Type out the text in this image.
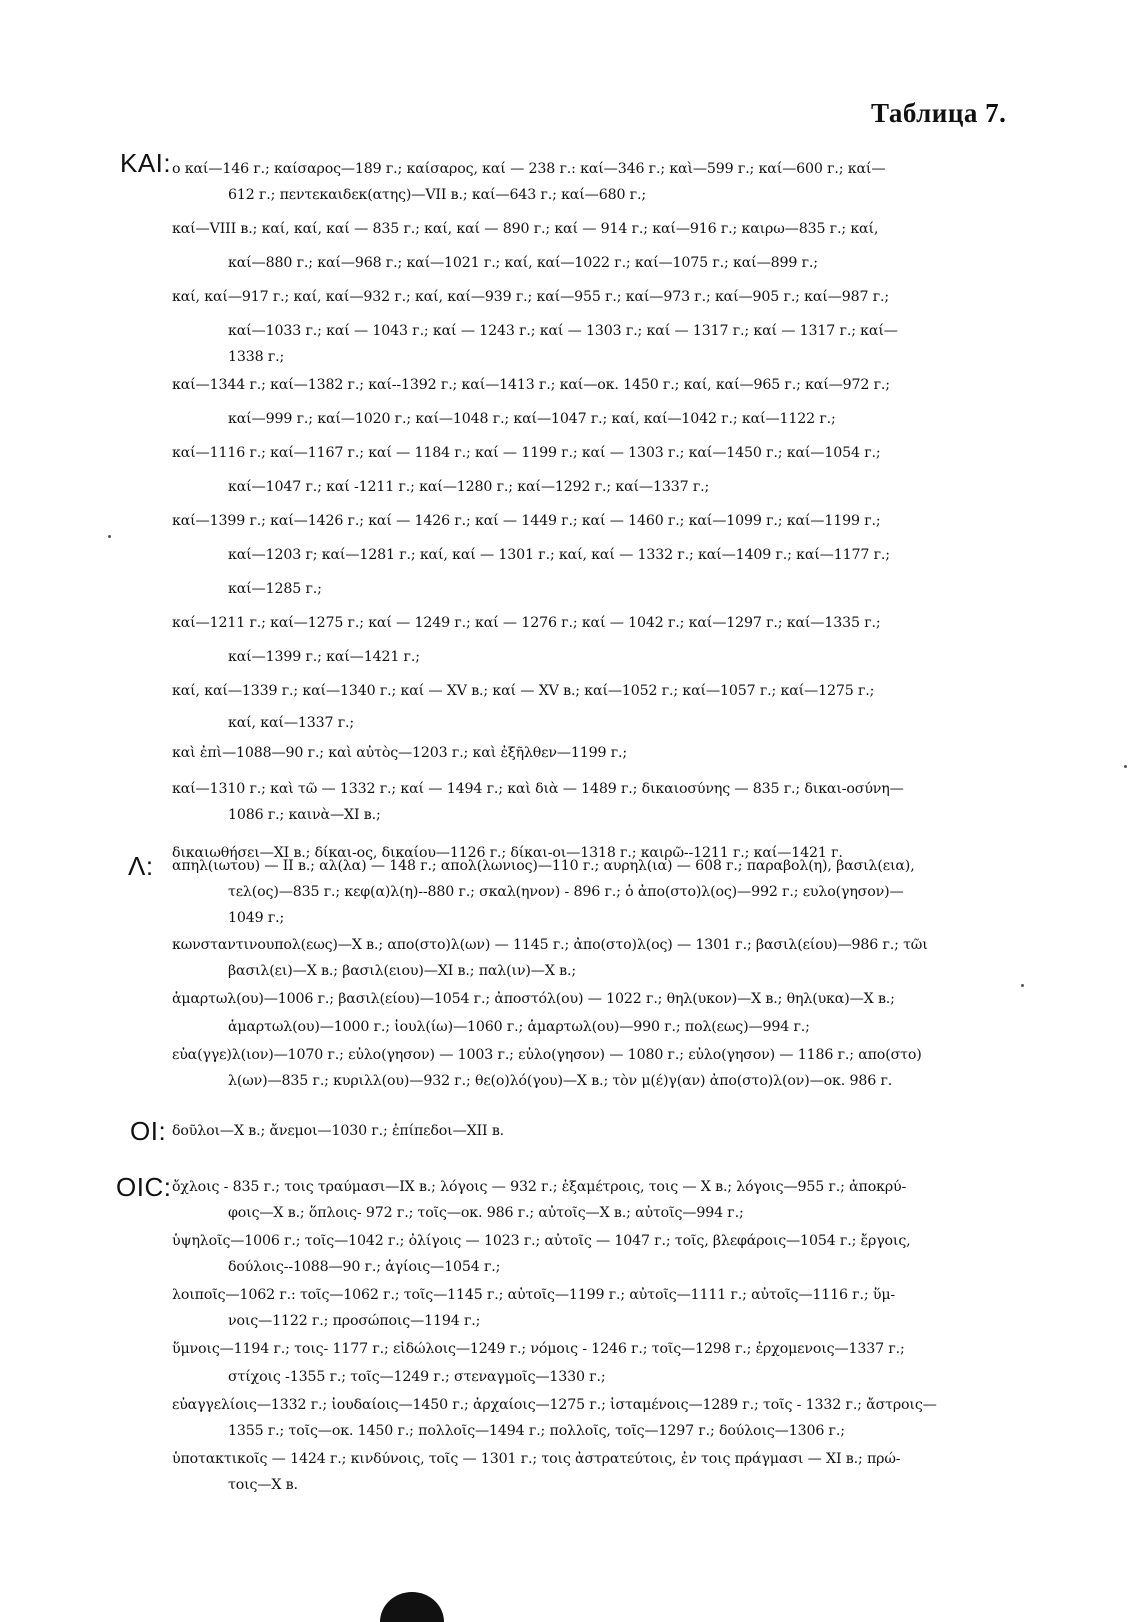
Таблица 7.
KAI: ο καί—146 г.; καίσαρος—189 г.; καίσαρος, καί — 238 г.: καί—346 г.; καὶ—599 г.; καί—600 г.; καί—
612 г.; πεντεκαιδεκ(ατης)—VII в.; καί—643 г.; καί—680 г.;
καί—VIII в.; καί, καί, καί — 835 г.; καί, καί — 890 г.; καί — 914 г.; καί—916 г.; καιρω—835 г.; καί,
καί—880 г.; καί—968 г.; καί—1021 г.; καί, καί—1022 г.; καί—1075 г.; καί—899 г.;
καί, καί—917 г.; καί, καί—932 г.; καί, καί—939 г.; καί—955 г.; καί—973 г.; καί—905 г.; καί—987 г.;
καί—1033 г.; καί — 1043 г.; καί — 1243 г.; καί — 1303 г.; καί — 1317 г.; καί — 1317 г.; καί—
1338 г.;
καί—1344 г.; καί—1382 г.; καί--1392 г.; καί—1413 г.; καί—ок. 1450 г.; καί, καί—965 г.; καί—972 г.;
καί—999 г.; καί—1020 г.; καί—1048 г.; καί—1047 г.; καί, καί—1042 г.; καί—1122 г.;
καί—1116 г.; καί—1167 г.; καί — 1184 г.; καί — 1199 г.; καί — 1303 г.; καί—1450 г.; καί—1054 г.;
καί—1047 г.; καί -1211 г.; καί—1280 г.; καί—1292 г.; καί—1337 г.;
καί—1399 г.; καί—1426 г.; καί — 1426 г.; καί — 1449 г.; καί — 1460 г.; καί—1099 г.; καί—1199 г.;
καί—1203 г; καί—1281 г.; καί, καί — 1301 г.; καί, καί — 1332 г.; καί—1409 г.; καί—1177 г.;
καί—1285 г.;
καί—1211 г.; καί—1275 г.; καί — 1249 г.; καί — 1276 г.; καί — 1042 г.; καί—1297 г.; καί—1335 г.;
καί—1399 г.; καί—1421 г.;
καί, καί—1339 г.; καί—1340 г.; καί — XV в.; καί — XV в.; καί—1052 г.; καί—1057 г.; καί—1275 г.;
καί, καί—1337 г.;
καὶ ἐπὶ—1088—90 г.; καὶ αὐτὸς—1203 г.; καὶ ἐξῆλθεν—1199 г.;
καί—1310 г.; καὶ τῶ — 1332 г.; καί — 1494 г.; καὶ διὰ — 1489 г.; δικαιοσύνης — 835 г.; δικαι-οσύνη—
1086 г.; καινὰ—XI в.;
δικαιωθήσει—XI в.; δίκαι-ος, δικαίου—1126 г.; δίκαι-οι—1318 г.; καιρῶ--1211 г.; καί—1421 г.
Λ: απηλ(ιωτου) — II в.; αλ(λα) — 148 г.; απολ(λωνιος)—110 г.; αυρηλ(ια) — 608 г.; παραβολ(η), βασιλ(εια),
τελ(ος)—835 г.; κεφ(α)λ(η)--880 г.; σκαλ(ηνον) - 896 г.; ὁ ἀπο(στο)λ(ος)—992 г.; ευλο(γησον)—
1049 г.;
κωνσταντινουπολ(εως)—X в.; απο(στο)λ(ων) — 1145 г.; ἀπο(στο)λ(ος) — 1301 г.; βασιλ(είου)—986 г.; τῶι
βασιλ(ει)—X в.; βασιλ(ειου)—XI в.; παλ(ιν)—X в.;
ἁμαρτωλ(ου)—1006 г.; βασιλ(είου)—1054 г.; ἀποστόλ(ου) — 1022 г.; θηλ(υκον)—X в.; θηλ(υκα)—X в.;
ἁμαρτωλ(ου)—1000 г.; ἰουλ(ίω)—1060 г.; ἁμαρτωλ(ου)—990 г.; πολ(εως)—994 г.;
εὐα(γγε)λ(ιον)—1070 г.; εὐλο(γησον) — 1003 г.; εὐλο(γησον) — 1080 г.; εὐλο(γησον) — 1186 г.; απο(στο)
λ(ων)—835 г.; κυριλλ(ου)—932 г.; θε(ο)λό(γου)—X в.; τὸν μ(έ)γ(αν) ἀπο(στο)λ(ον)—ок. 986 г.
OI: δοῦλοι—X в.; ἄνεμοι—1030 г.; ἐπίπεδοι—XII в.
OIC: ὄχλοις - 835 г.; τοις τραύμασι—IX в.; λόγοις — 932 г.; ἑξαμέτροις, τοις — X в.; λόγοις—955 г.; ἀποκρύ-
φοις—X в.; ὅπλοις- 972 г.; τοῖς—ок. 986 г.; αὐτοῖς—X в.; αὐτοῖς—994 г.;
ὑψηλοῖς—1006 г.; τοῖς—1042 г.; ὀλίγοις — 1023 г.; αὐτοῖς — 1047 г.; τοῖς, βλεφάροις—1054 г.; ἔργοις,
δούλοις--1088—90 г.; ἁγίοις—1054 г.;
λοιποῖς—1062 г.: τοῖς—1062 г.; τοῖς—1145 г.; αὐτοῖς—1199 г.; αὐτοῖς—1111 г.; αὐτοῖς—1116 г.; ὕμ-
νοις—1122 г.; προσώποις—1194 г.;
ὕμνοις—1194 г.; τοις- 1177 г.; εἰδώλοις—1249 г.; νόμοις - 1246 г.; τοῖς—1298 г.; ἐρχομενοις—1337 г.;
στίχοις -1355 г.; τοῖς—1249 г.; στεναγμοῖς—1330 г.;
εὐαγγελίοις—1332 г.; ἰουδαίοις—1450 г.; ἀρχαίοις—1275 г.; ἱσταμένοις—1289 г.; τοῖς - 1332 г.; ἄστροις—
1355 г.; τοῖς—ок. 1450 г.; πολλοῖς—1494 г.; πολλοῖς, τοῖς—1297 г.; δούλοις—1306 г.;
ὑποτακτικοῖς — 1424 г.; κινδύνοις, τοῖς — 1301 г.; τοις ἀστρατεύτοις, ἐν τοις πράγμασι — XI в.; πρώ-
τοις—X в.
